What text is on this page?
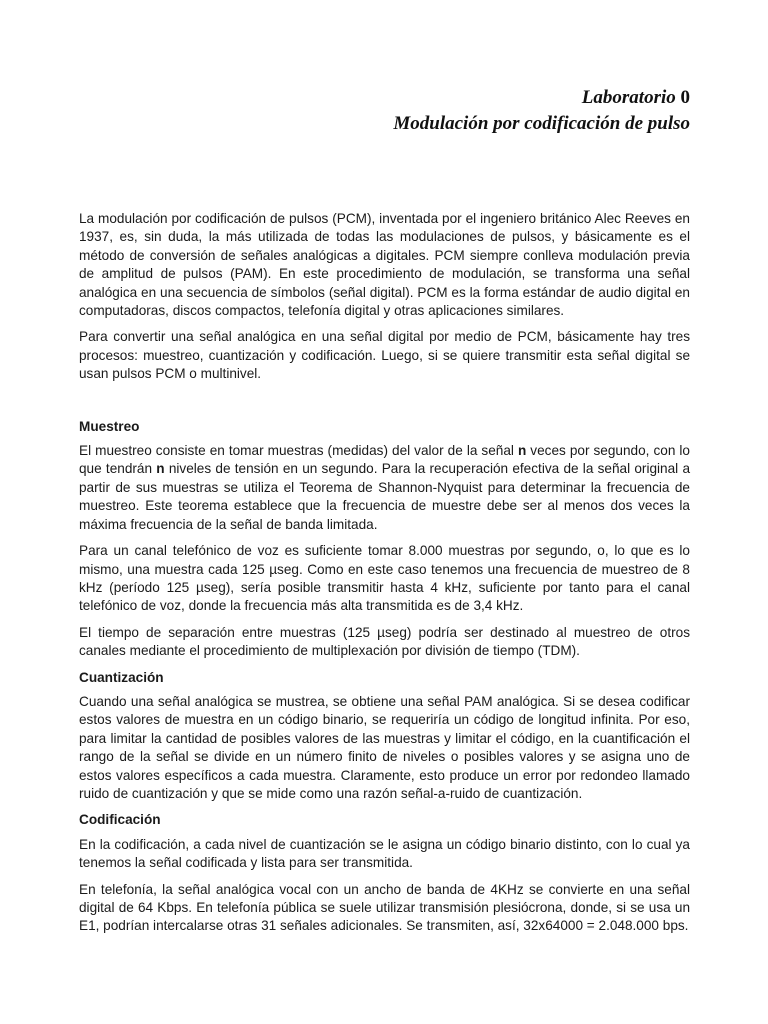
Laboratorio 0
Modulación por codificación de pulso

La modulación por codificación de pulsos (PCM), inventada por el ingeniero británico Alec Reeves en 1937, es, sin duda, la más utilizada de todas las modulaciones de pulsos, y básicamente es el método de conversión de señales analógicas a digitales. PCM siempre conlleva modulación previa de amplitud de pulsos (PAM). En este procedimiento de modulación, se transforma una señal analógica en una secuencia de símbolos (señal digital). PCM es la forma estándar de audio digital en computadoras, discos compactos, telefonía digital y otras aplicaciones similares.

Para convertir una señal analógica en una señal digital por medio de PCM, básicamente hay tres procesos: muestreo, cuantización y codificación. Luego, si se quiere transmitir esta señal digital se usan pulsos PCM o multinivel.

Muestreo

El muestreo consiste en tomar muestras (medidas) del valor de la señal n veces por segundo, con lo que tendrán n niveles de tensión en un segundo. Para la recuperación efectiva de la señal original a partir de sus muestras se utiliza el Teorema de Shannon-Nyquist para determinar la frecuencia de muestreo. Este teorema establece que la frecuencia de muestre debe ser al menos dos veces la máxima frecuencia de la señal de banda limitada.

Para un canal telefónico de voz es suficiente tomar 8.000 muestras por segundo, o, lo que es lo mismo, una muestra cada 125 µseg. Como en este caso tenemos una frecuencia de muestreo de 8 kHz (período 125 µseg), sería posible transmitir hasta 4 kHz, suficiente por tanto para el canal telefónico de voz, donde la frecuencia más alta transmitida es de 3,4 kHz.

El tiempo de separación entre muestras (125 µseg) podría ser destinado al muestreo de otros canales mediante el procedimiento de multiplexación por división de tiempo (TDM).

Cuantización

Cuando una señal analógica se mustrea, se obtiene una señal PAM analógica. Si se desea codificar estos valores de muestra en un código binario, se requeriría un código de longitud infinita. Por eso, para limitar la cantidad de posibles valores de las muestras y limitar el código, en la cuantificación el rango de la señal se divide en un número finito de niveles o posibles valores y se asigna uno de estos valores específicos a cada muestra. Claramente, esto produce un error por redondeo llamado ruido de cuantización y que se mide como una razón señal-a-ruido de cuantización.

Codificación

En la codificación, a cada nivel de cuantización se le asigna un código binario distinto, con lo cual ya tenemos la señal codificada y lista para ser transmitida.

En telefonía, la señal analógica vocal con un ancho de banda de 4KHz se convierte en una señal digital de 64 Kbps. En telefonía pública se suele utilizar transmisión plesiócrona, donde, si se usa un E1, podrían intercalarse otras 31 señales adicionales. Se transmiten, así, 32x64000 = 2.048.000 bps.
